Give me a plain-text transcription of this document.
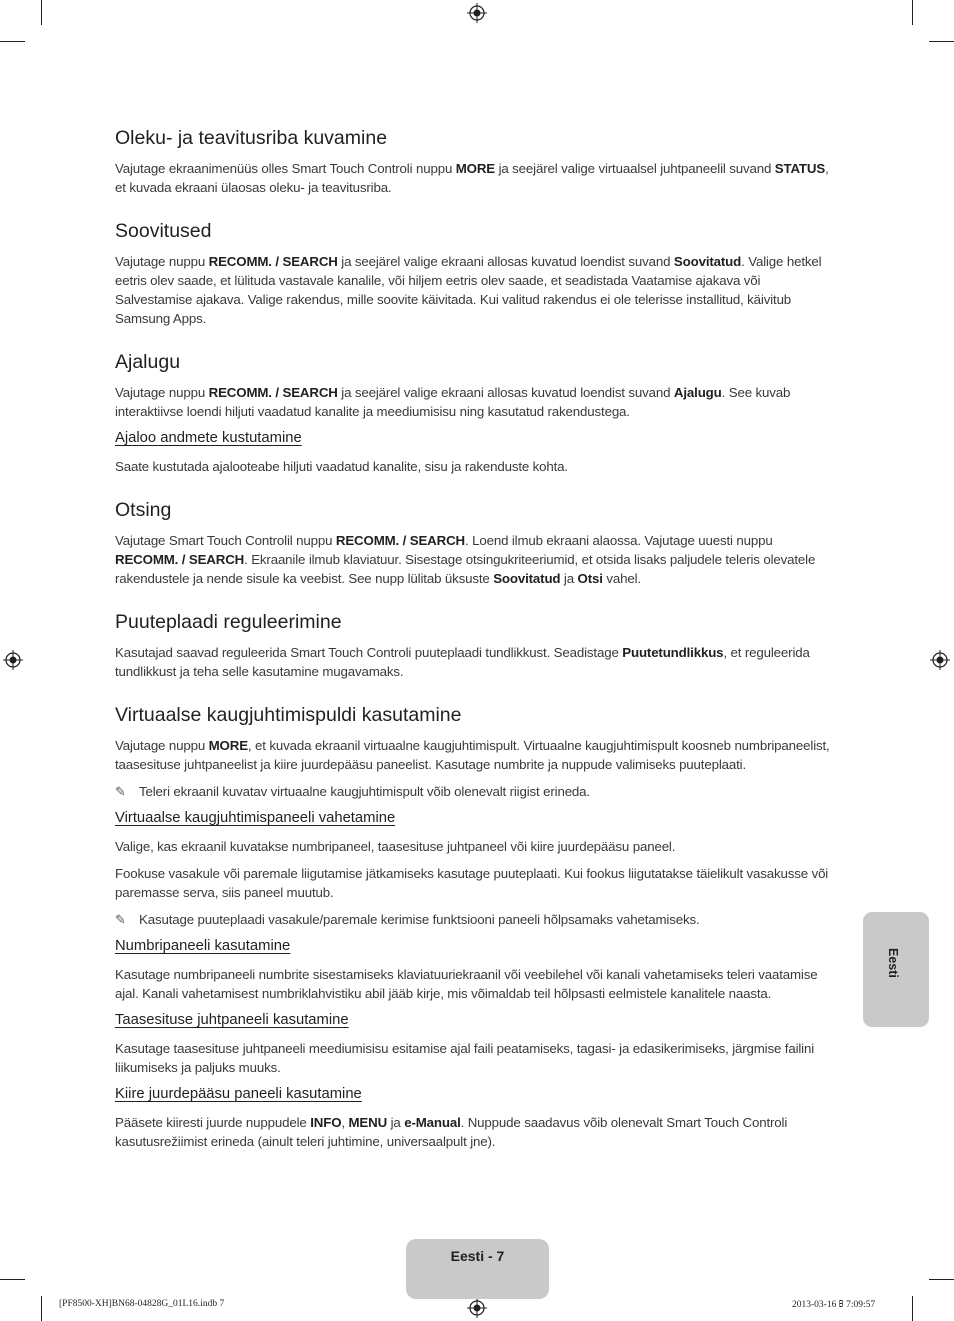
Oleku- ja teavitusriba kuvamine

Vajutage ekraanimenüüs olles Smart Touch Controli nuppu MORE ja seejärel valige virtuaalsel juhtpaneelil suvand STATUS, et kuvada ekraani ülaosas oleku- ja teavitusriba.

Soovitused

Vajutage nuppu RECOMM. / SEARCH ja seejärel valige ekraani allosas kuvatud loendist suvand Soovitatud. Valige hetkel eetris olev saade, et lülituda vastavale kanalile, või hiljem eetris olev saade, et seadistada Vaatamise ajakava või Salvestamise ajakava. Valige rakendus, mille soovite käivitada. Kui valitud rakendus ei ole telerisse installitud, käivitub Samsung Apps.

Ajalugu

Vajutage nuppu RECOMM. / SEARCH ja seejärel valige ekraani allosas kuvatud loendist suvand Ajalugu. See kuvab interaktiivse loendi hiljuti vaadatud kanalite ja meediumisisu ning kasutatud rakendustega.

Ajaloo andmete kustutamine

Saate kustutada ajalooteabe hiljuti vaadatud kanalite, sisu ja rakenduste kohta.

Otsing

Vajutage Smart Touch Controlil nuppu RECOMM. / SEARCH. Loend ilmub ekraani alaossa. Vajutage uuesti nuppu RECOMM. / SEARCH. Ekraanile ilmub klaviatuur. Sisestage otsingukriteeriumid, et otsida lisaks paljudele teleris olevatele rakendustele ja nende sisule ka veebist. See nupp lülitab üksuste Soovitatud ja Otsi vahel.

Puuteplaadi reguleerimine

Kasutajad saavad reguleerida Smart Touch Controli puuteplaadi tundlikkust. Seadistage Puutetundlikkus, et reguleerida tundlikkust ja teha selle kasutamine mugavamaks.

Virtuaalse kaugjuhtimispuldi kasutamine

Vajutage nuppu MORE, et kuvada ekraanil virtuaalne kaugjuhtimispult. Virtuaalne kaugjuhtimispult koosneb numbripaneelist, taasesituse juhtpaneelist ja kiire juurdepääsu paneelist. Kasutage numbrite ja nuppude valimiseks puuteplaati.

✎ Teleri ekraanil kuvatav virtuaalne kaugjuhtimispult võib olenevalt riigist erineda.
Virtuaalse kaugjuhtimispaneeli vahetamine

Valige, kas ekraanil kuvatakse numbripaneel, taasesituse juhtpaneel või kiire juurdepääsu paneel.

Fookuse vasakule või paremale liigutamise jätkamiseks kasutage puuteplaati. Kui fookus liigutatakse täielikult vasakusse või paremasse serva, siis paneel muutub.

✎ Kasutage puuteplaadi vasakule/paremale kerimise funktsiooni paneeli hõlpsamaks vahetamiseks.
Numbripaneeli kasutamine

Kasutage numbripaneeli numbrite sisestamiseks klaviatuuriekraanil või veebilehel või kanali vahetamiseks teleri vaatamise ajal. Kanali vahetamisest numbriklahvistiku abil jääb kirje, mis võimaldab teil hõlpsasti eelmistele kanalitele naasta.

Taasesituse juhtpaneeli kasutamine

Kasutage taasesituse juhtpaneeli meediumisisu esitamise ajal faili peatamiseks, tagasi- ja edasikerimiseks, järgmise failini liikumiseks ja paljuks muuks.

Kiire juurdepääsu paneeli kasutamine

Pääsete kiiresti juurde nuppudele INFO, MENU ja e-Manual. Nuppude saadavus võib olenevalt Smart Touch Controli kasutusrežiimist erineda (ainult teleri juhtimine, universaalpult jne).

Eesti
Eesti - 7
[PF8500-XH]BN68-04828G_01L16.indb 7	2013-03-16 ꕗ 7:09:57
